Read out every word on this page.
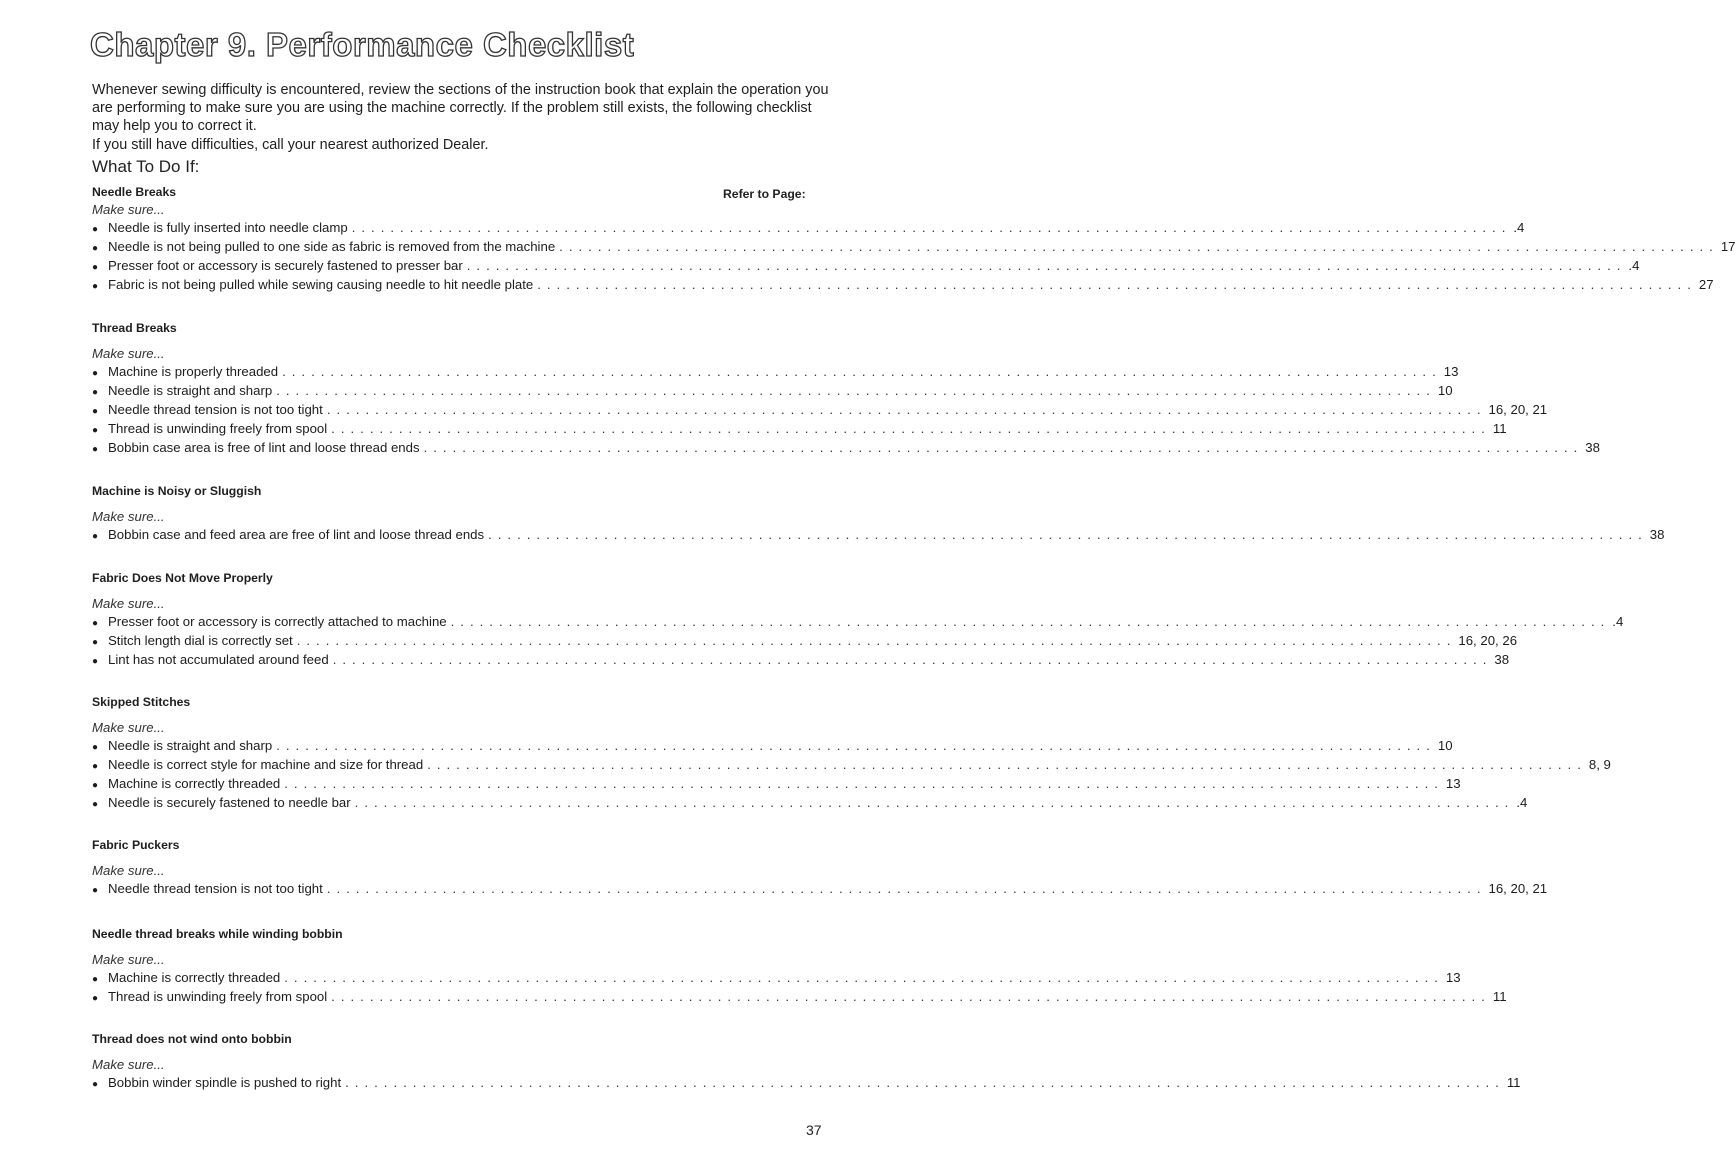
Chapter 9. Performance Checklist

Whenever sewing difficulty is encountered, review the sections of the instruction book that explain the operation you are performing to make sure you are using the machine correctly. If the problem still exists, the following checklist may help you to correct it.

If you still have difficulties, call your nearest authorized Dealer.

What To Do If:
Refer to Page:
Needle Breaks
Make sure...
● Needle is fully inserted into needle clamp ........................................................................................................................ .4
● Needle is not being pulled to one side as fabric is removed from the machine ........................................................................................................................ 17
● Presser foot or accessory is securely fastened to presser bar ........................................................................................................................ .4
● Fabric is not being pulled while sewing causing needle to hit needle plate ........................................................................................................................ 27
Thread Breaks
Make sure...
● Machine is properly threaded ........................................................................................................................ 13
● Needle is straight and sharp ........................................................................................................................ 10
● Needle thread tension is not too tight ........................................................................................................................ 16, 20, 21
● Thread is unwinding freely from spool ........................................................................................................................ 11
● Bobbin case area is free of lint and loose thread ends ........................................................................................................................ 38
Machine is Noisy or Sluggish
Make sure...
● Bobbin case and feed area are free of lint and loose thread ends ........................................................................................................................ 38
Fabric Does Not Move Properly
Make sure...
● Presser foot or accessory is correctly attached to machine ........................................................................................................................ .4
● Stitch length dial is correctly set ........................................................................................................................ 16, 20, 26
● Lint has not accumulated around feed ........................................................................................................................ 38
Skipped Stitches
Make sure...
● Needle is straight and sharp ........................................................................................................................ 10
● Needle is correct style for machine and size for thread ........................................................................................................................ 8, 9
● Machine is correctly threaded ........................................................................................................................ 13
● Needle is securely fastened to needle bar ........................................................................................................................ .4
Fabric Puckers
Make sure...
● Needle thread tension is not too tight ........................................................................................................................ 16, 20, 21
Needle thread breaks while winding bobbin
Make sure...
● Machine is correctly threaded ........................................................................................................................ 13
● Thread is unwinding freely from spool ........................................................................................................................ 11
Thread does not wind onto bobbin
Make sure...
● Bobbin winder spindle is pushed to right ........................................................................................................................ 11
37
